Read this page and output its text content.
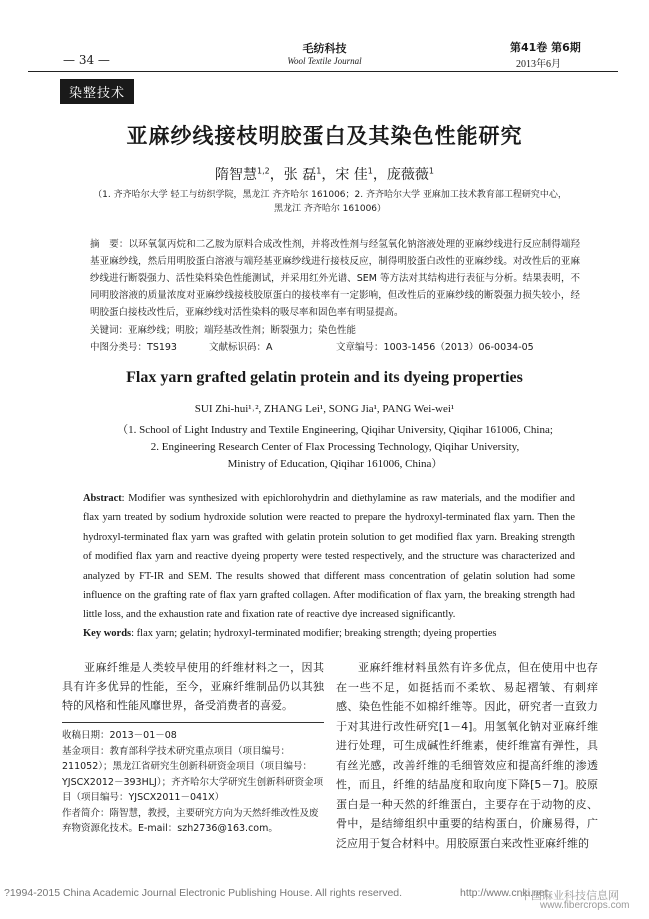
毛纺科技
Wool Textile Journal
— 34 —
第41卷 第6期
2013年6月
染整技术
亚麻纱线接枝明胶蛋白及其染色性能研究
隋智慧$^{1,2}$，张 磊$^1$，宋 佳$^1$，庞薇薇$^1$
（1. 齐齐哈尔大学 轻工与纺织学院，黑龙江 齐齐哈尔 161006；2. 齐齐哈尔大学 亚麻加工技术教育部工程研究中心，黑龙江 齐齐哈尔 161006）
摘　要：以环氧氯丙烷和二乙胺为原料合成改性剂，并将改性剂与经氢氧化钠溶液处理的亚麻纱线进行反应制得端羟基亚麻纱线，然后用明胶蛋白溶液与端羟基亚麻纱线进行接枝反应，制得明胶蛋白改性的亚麻纱线。对改性后的亚麻纱线进行断裂强力、活性染料染色性能测试，并采用红外光谱、SEM 等方法对其结构进行表征与分析。结果表明，不同明胶溶液的质量浓度对亚麻纱线接枝胶原蛋白的接枝率有一定影响，但改性后的亚麻纱线的断裂强力损失较小，经明胶蛋白接枝改性后，亚麻纱线对活性染料的吸尽率和固色率有明显提高。
关键词：亚麻纱线；明胶；端羟基改性剂；断裂强力；染色性能
中图分类号：TS193	文献标识码：A	文章编号：1003-1456（2013）06-0034-05
Flax yarn grafted gelatin protein and its dyeing properties
SUI Zhi-hui¹˒², ZHANG Lei¹, SONG Jia¹, PANG Wei-wei¹
（1. School of Light Industry and Textile Engineering, Qiqihar University, Qiqihar 161006, China;
2. Engineering Research Center of Flax Processing Technology, Qiqihar University,
Ministry of Education, Qiqihar 161006, China）
Abstract: Modifier was synthesized with epichlorohydrin and diethylamine as raw materials, and the modifier and flax yarn treated by sodium hydroxide solution were reacted to prepare the hydroxyl-terminated flax yarn. Then the hydroxyl-terminated flax yarn was grafted with gelatin protein solution to get modified flax yarn. Breaking strength of modified flax yarn and reactive dyeing property were tested respectively, and the structure was characterized and analyzed by FT-IR and SEM. The results showed that different mass concentration of gelatin solution had some influence on the grafting rate of flax yarn grafted collagen. After modification of flax yarn, the breaking strength had little loss, and the exhaustion rate and fixation rate of reactive dye increased significantly.
Key words: flax yarn; gelatin; hydroxyl-terminated modifier; breaking strength; dyeing properties

亚麻纤维是人类较早使用的纤维材料之一，因其具有许多优异的性能，至今，亚麻纤维制品仍以其独特的风格和性能风靡世界，备受消费者的喜爱。

收稿日期：2013－01－08
基金项目：教育部科学技术研究重点项目（项目编号：211052）；黑龙江省研究生创新科研资金项目（项目编号：YJSCX2012－393HLJ）；齐齐哈尔大学研究生创新科研资金项目（项目编号：YJSCX2011－041X）
作者简介：隋智慧，教授，主要研究方向为天然纤维改性及废弃物资源化技术。E-mail：szh2736@163.com。

亚麻纤维材料虽然有许多优点，但在使用中也存在一些不足，如挺括而不柔软、易起褶皱、有刺痒感、染色性能不如棉纤维等。因此，研究者一直致力于对其进行改性研究[1－4]。用氢氧化钠对亚麻纤维进行处理，可生成碱性纤维素，使纤维富有弹性，具有丝光感，改善纤维的毛细管效应和提高纤维的渗透性，而且，纤维的结晶度和取向度下降[5－7]。胶原蛋白是一种天然的纤维蛋白，主要存在于动物的皮、骨中，是结缔组织中重要的结构蛋白，价廉易得，广泛应用于复合材料中。用胶原蛋白来改性亚麻纤维的

?1994-2015 China Academic Journal Electronic Publishing House. All rights reserved.	http://www.cnki.net
中国麻业科技信息网
www.fibercrops.com
